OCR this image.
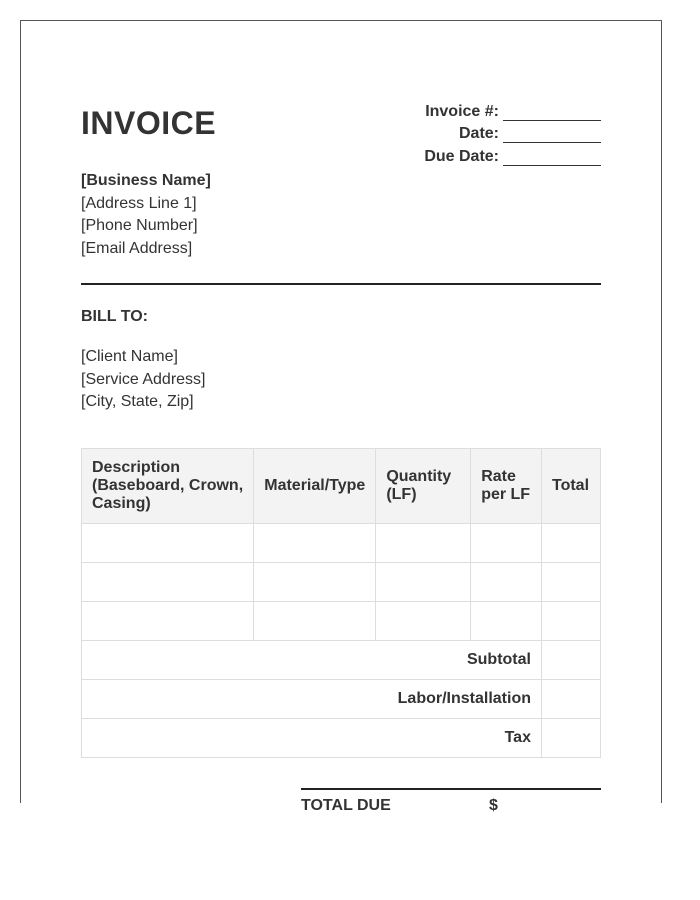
INVOICE	Invoice #:
Date:
Due Date:
[Business Name]
[Address Line 1]
[Phone Number]
[Email Address]
BILL TO:
[Client Name]
[Service Address]
[City, State, Zip]
Description (Baseboard, Crown, Casing)	Material/Type	Quantity (LF)	Rate per LF	Total

Subtotal				
Labor/Installation				
Tax				
TOTAL DUE	$
